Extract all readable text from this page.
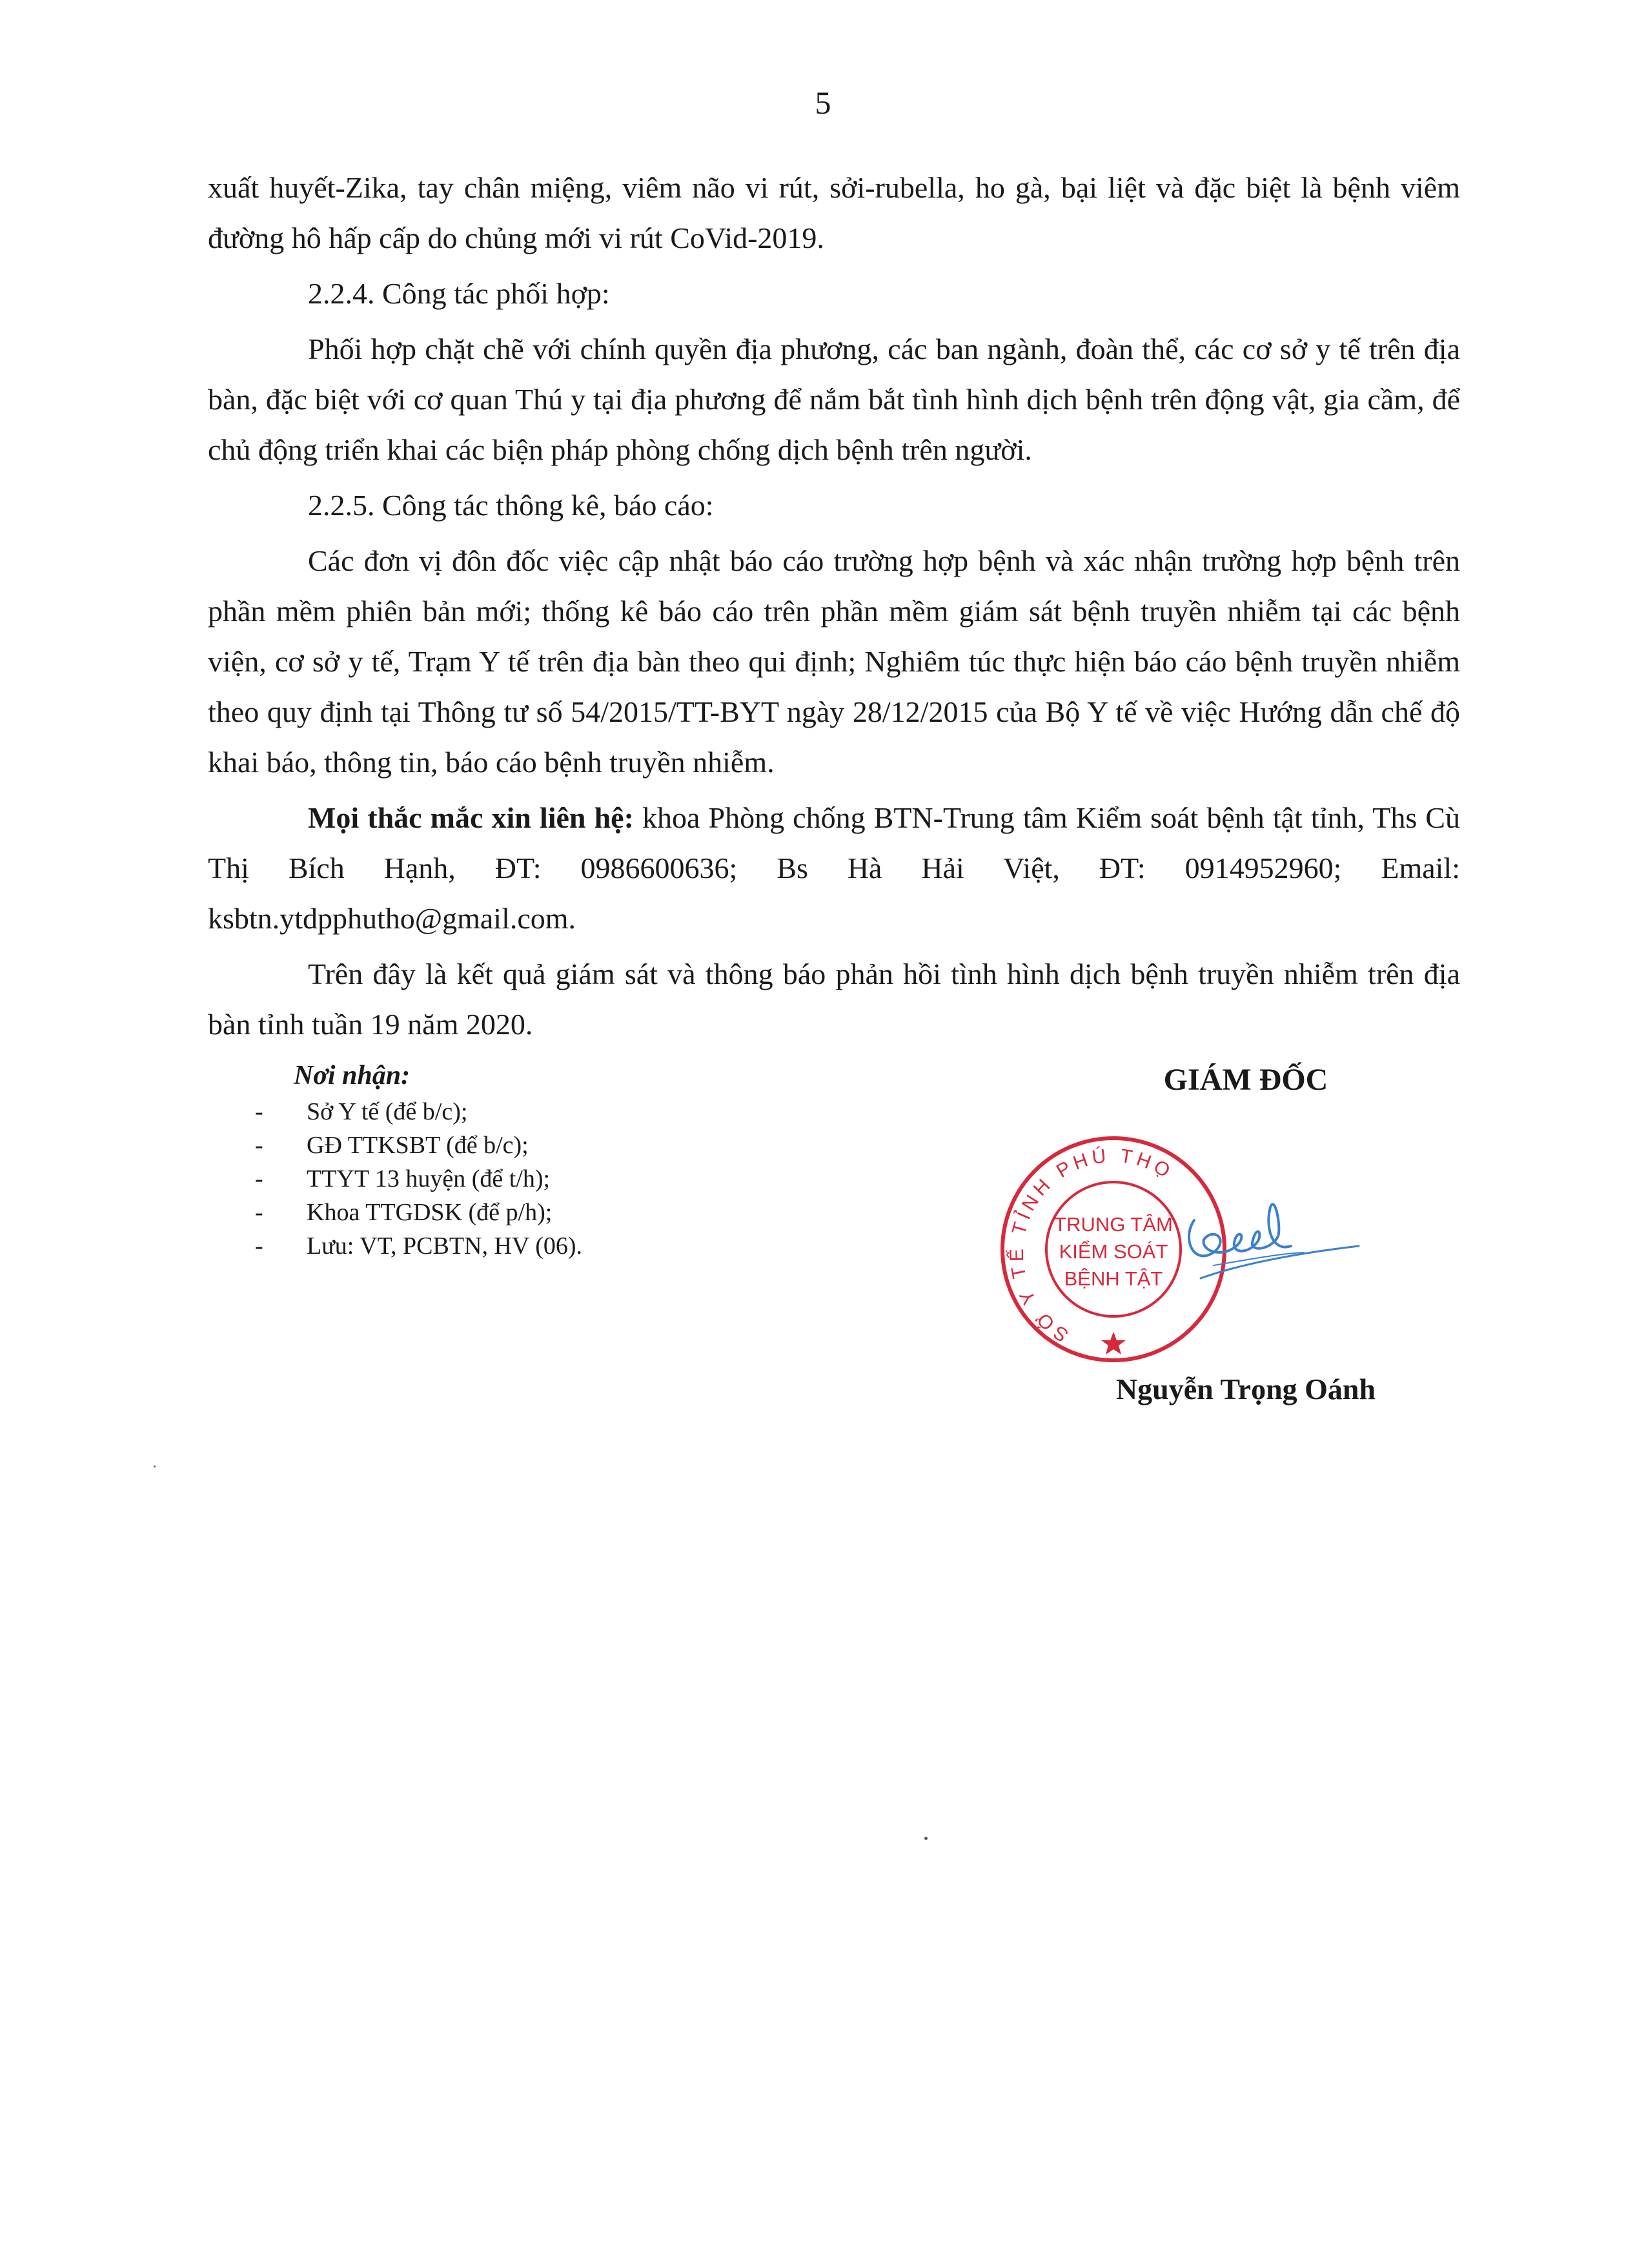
5

xuất huyết-Zika, tay chân miệng, viêm não vi rút, sởi-rubella, ho gà, bại liệt và đặc biệt là bệnh viêm đường hô hấp cấp do chủng mới vi rút CoVid-2019.

2.2.4. Công tác phối hợp:

Phối hợp chặt chẽ với chính quyền địa phương, các ban ngành, đoàn thể, các cơ sở y tế trên địa bàn, đặc biệt với cơ quan Thú y tại địa phương để nắm bắt tình hình dịch bệnh trên động vật, gia cầm, để chủ động triển khai các biện pháp phòng chống dịch bệnh trên người.

2.2.5. Công tác thông kê, báo cáo:

Các đơn vị đôn đốc việc cập nhật báo cáo trường hợp bệnh và xác nhận trường hợp bệnh trên phần mềm phiên bản mới; thống kê báo cáo trên phần mềm giám sát bệnh truyền nhiễm tại các bệnh viện, cơ sở y tế, Trạm Y tế trên địa bàn theo qui định; Nghiêm túc thực hiện báo cáo bệnh truyền nhiễm theo quy định tại Thông tư số 54/2015/TT-BYT ngày 28/12/2015 của Bộ Y tế về việc Hướng dẫn chế độ khai báo, thông tin, báo cáo bệnh truyền nhiễm.

Mọi thắc mắc xin liên hệ: khoa Phòng chống BTN-Trung tâm Kiểm soát bệnh tật tỉnh, Ths Cù Thị Bích Hạnh, ĐT: 0986600636; Bs Hà Hải Việt, ĐT: 0914952960; Email: ksbtn.ytdpphutho@gmail.com.

Trên đây là kết quả giám sát và thông báo phản hồi tình hình dịch bệnh truyền nhiễm trên địa bàn tỉnh tuần 19 năm 2020.

Nơi nhận:
- Sở Y tế (để b/c);
- GĐ TTKSBT (để b/c);
- TTYT 13 huyện (để t/h);
- Khoa TTGDSK (để p/h);
- Lưu: VT, PCBTN, HV (06).
GIÁM ĐỐC
SỞ Y TẾ TỈNH PHÚ THỌ
TRUNG TÂM
KIỂM SOÁT
BỆNH TẬT
Nguyễn Trọng Oánh
